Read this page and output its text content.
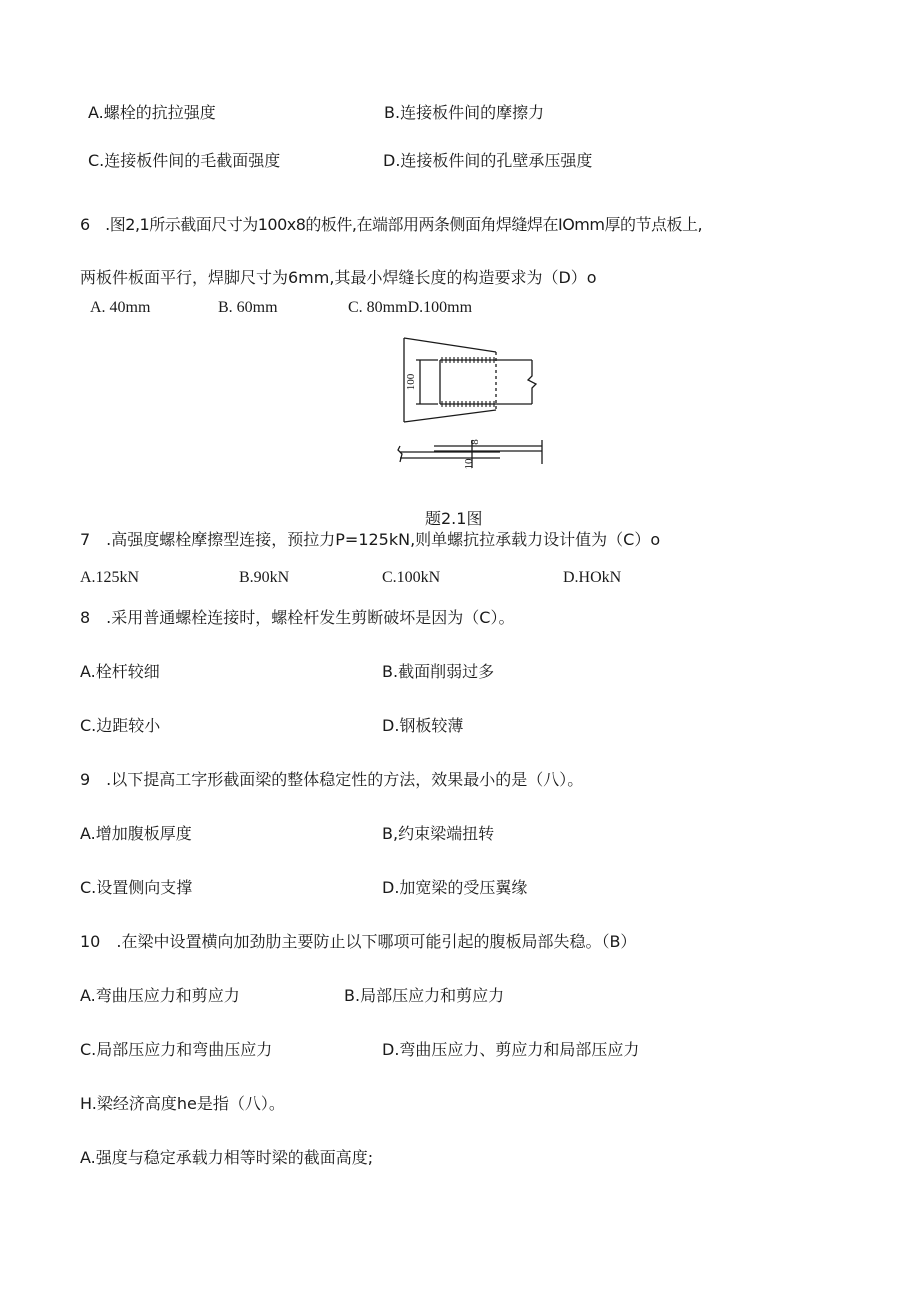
A.螺栓的抗拉强度	B.连接板件间的摩擦力
C.连接板件间的毛截面强度	D.连接板件间的孔壁承压强度
6 .图2,1所示截面尺寸为100x8的板件,在端部用两条侧面角焊缝焊在IOmm厚的节点板上,
两板件板面平行，焊脚尺寸为6mm,其最小焊缝长度的构造要求为（D）o
A. 40mm	B. 60mm	C. 80mmD.100mm
100
8
10
题2.1图
7 .高强度螺栓摩擦型连接，预拉力P=125kN,则单螺抗拉承载力设计值为（C）o
A.125kN	B.90kN	C.100kN	D.HOkN
8 .采用普通螺栓连接时，螺栓杆发生剪断破坏是因为（C）。
A.栓杆较细	B.截面削弱过多
C.边距较小	D.钢板较薄
9 .以下提高工字形截面梁的整体稳定性的方法，效果最小的是（八）。
A.增加腹板厚度	B,约束梁端扭转
C.设置侧向支撑	D.加宽梁的受压翼缘
10 .在梁中设置横向加劲肋主要防止以下哪项可能引起的腹板局部失稳。（B）
A.弯曲压应力和剪应力	B.局部压应力和剪应力
C.局部压应力和弯曲压应力	D.弯曲压应力、剪应力和局部压应力
H.梁经济高度he是指（八）。
A.强度与稳定承载力相等时梁的截面高度;
